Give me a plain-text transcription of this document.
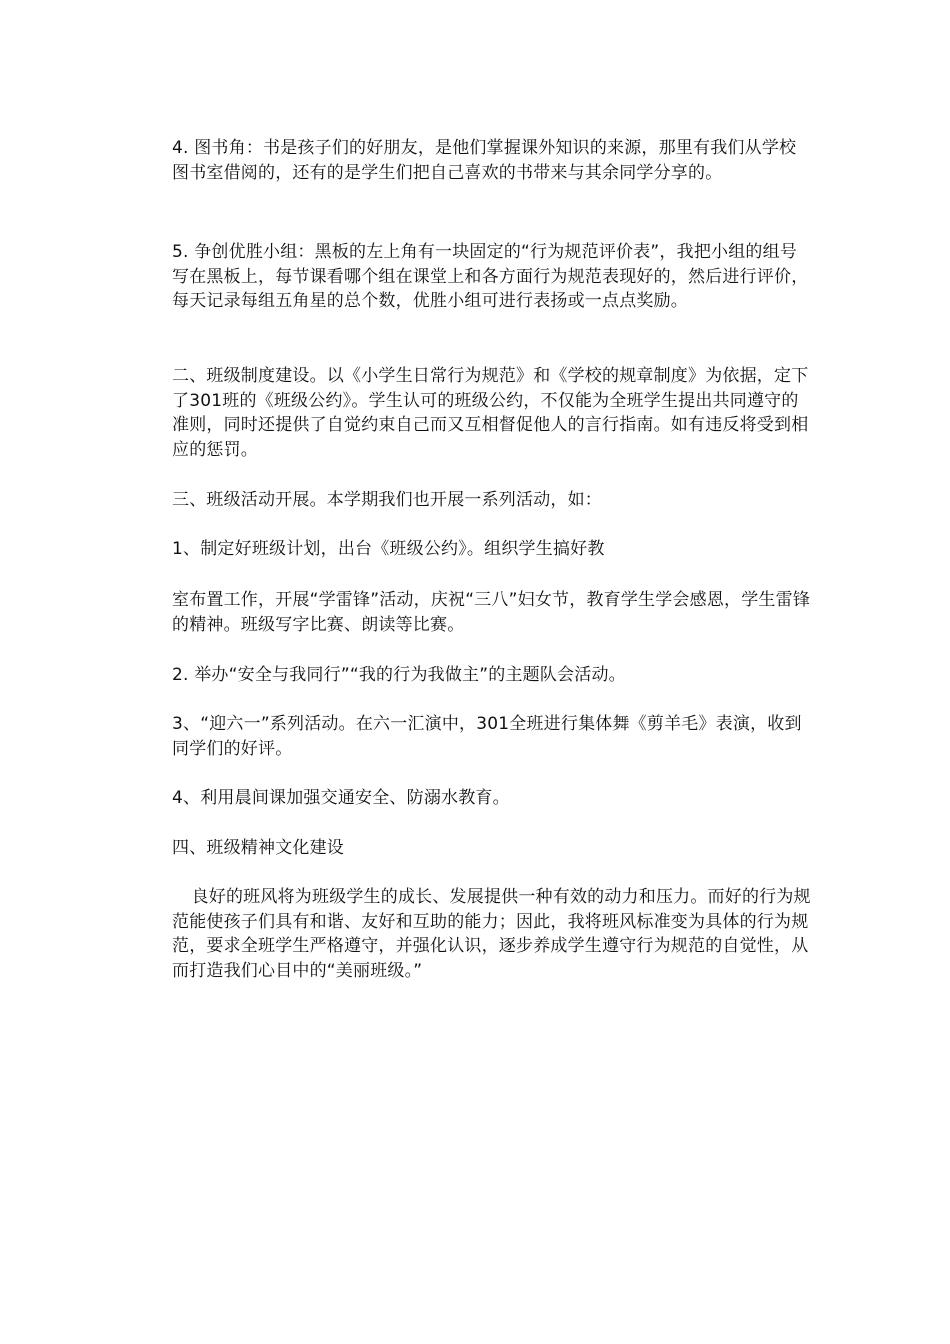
4. 图书角：书是孩子们的好朋友，是他们掌握课外知识的来源，那里有我们从学校图书室借阅的，还有的是学生们把自己喜欢的书带来与其余同学分享的。

5. 争创优胜小组：黑板的左上角有一块固定的“行为规范评价表”，我把小组的组号写在黑板上，每节课看哪个组在课堂上和各方面行为规范表现好的，然后进行评价，每天记录每组五角星的总个数，优胜小组可进行表扬或一点点奖励。

二、班级制度建设。以《小学生日常行为规范》和《学校的规章制度》为依据，定下了301班的《班级公约》。学生认可的班级公约，不仅能为全班学生提出共同遵守的准则，同时还提供了自觉约束自己而又互相督促他人的言行指南。如有违反将受到相应的惩罚。

三、班级活动开展。本学期我们也开展一系列活动，如：

1、制定好班级计划，出台《班级公约》。组织学生搞好教

室布置工作，开展“学雷锋”活动，庆祝“三八”妇女节，教育学生学会感恩，学生雷锋的精神。班级写字比赛、朗读等比赛。

2. 举办“安全与我同行”“我的行为我做主”的主题队会活动。

3、“迎六一”系列活动。在六一汇演中，301全班进行集体舞《剪羊毛》表演，收到同学们的好评。

4、利用晨间课加强交通安全、防溺水教育。

四、班级精神文化建设

良好的班风将为班级学生的成长、发展提供一种有效的动力和压力。而好的行为规范能使孩子们具有和谐、友好和互助的能力；因此，我将班风标准变为具体的行为规范，要求全班学生严格遵守，并强化认识，逐步养成学生遵守行为规范的自觉性，从而打造我们心目中的“美丽班级。”
